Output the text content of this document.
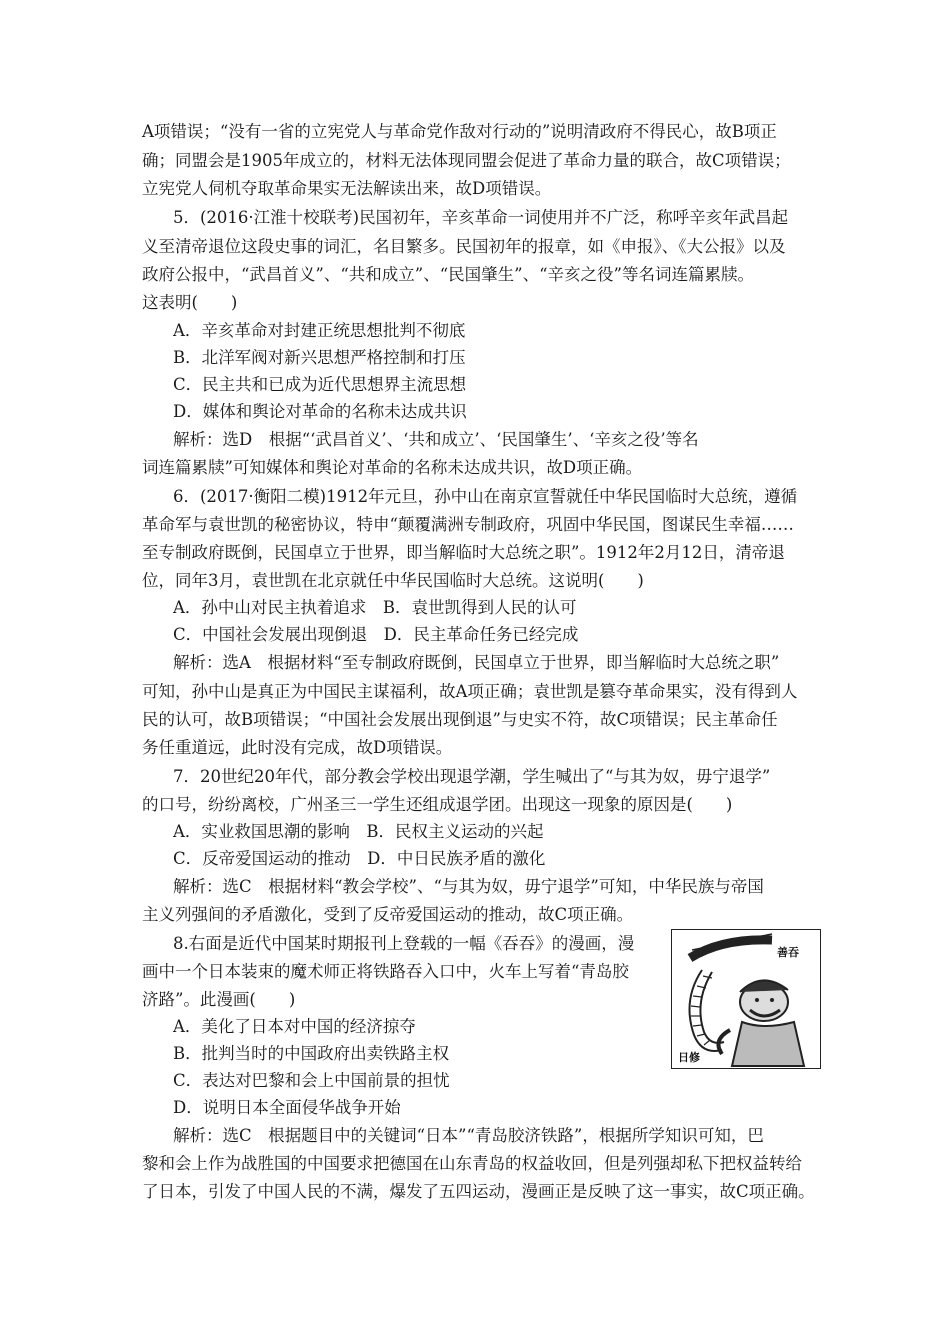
A项错误；“没有一省的立宪党人与革命党作敌对行动的”说明清政府不得民心，故B项正
确；同盟会是1905年成立的，材料无法体现同盟会促进了革命力量的联合，故C项错误；
立宪党人伺机夺取革命果实无法解读出来，故D项错误。
5．(2016·江淮十校联考)民国初年，辛亥革命一词使用并不广泛，称呼辛亥年武昌起
义至清帝退位这段史事的词汇，名目繁多。民国初年的报章，如《申报》、《大公报》以及
政府公报中，“武昌首义”、“共和成立”、“民国肇生”、“辛亥之役”等名词连篇累牍。
这表明(　　)
A．辛亥革命对封建正统思想批判不彻底
B．北洋军阀对新兴思想严格控制和打压
C．民主共和已成为近代思想界主流思想
D．媒体和舆论对革命的名称未达成共识
解析：选D　根据“‘武昌首义’、‘共和成立’、‘民国肇生’、‘辛亥之役’等名
词连篇累牍”可知媒体和舆论对革命的名称未达成共识，故D项正确。
6．(2017·衡阳二模)1912年元旦，孙中山在南京宣誓就任中华民国临时大总统，遵循
革命军与袁世凯的秘密协议，特申“颠覆满洲专制政府，巩固中华民国，图谋民生幸福……
至专制政府既倒，民国卓立于世界，即当解临时大总统之职”。1912年2月12日，清帝退
位，同年3月，袁世凯在北京就任中华民国临时大总统。这说明(　　)
A．孙中山对民主执着追求　B．袁世凯得到人民的认可
C．中国社会发展出现倒退　D．民主革命任务已经完成
解析：选A　根据材料“至专制政府既倒，民国卓立于世界，即当解临时大总统之职”
可知，孙中山是真正为中国民主谋福利，故A项正确；袁世凯是篡夺革命果实，没有得到人
民的认可，故B项错误；“中国社会发展出现倒退”与史实不符，故C项错误；民主革命任
务任重道远，此时没有完成，故D项错误。
7．20世纪20年代，部分教会学校出现退学潮，学生喊出了“与其为奴，毋宁退学”
的口号，纷纷离校，广州圣三一学生还组成退学团。出现这一现象的原因是(　　)
A．实业救国思潮的影响　B．民权主义运动的兴起
C．反帝爱国运动的推动　D．中日民族矛盾的激化
解析：选C　根据材料“教会学校”、“与其为奴，毋宁退学”可知，中华民族与帝国
主义列强间的矛盾激化，受到了反帝爱国运动的推动，故C项正确。
8.右面是近代中国某时期报刊上登载的一幅《吞吞》的漫画，漫
画中一个日本装束的魔术师正将铁路吞入口中，火车上写着“青岛胶
济路”。此漫画(　　)
A．美化了日本对中国的经济掠夺
B．批判当时的中国政府出卖铁路主权
C．表达对巴黎和会上中国前景的担忧
D．说明日本全面侵华战争开始
解析：选C　根据题目中的关键词“日本”“青岛胶济铁路”，根据所学知识可知，巴
黎和会上作为战胜国的中国要求把德国在山东青岛的权益收回，但是列强却私下把权益转给
了日本，引发了中国人民的不满，爆发了五四运动，漫画正是反映了这一事实，故C项正确。
善吞
日修
